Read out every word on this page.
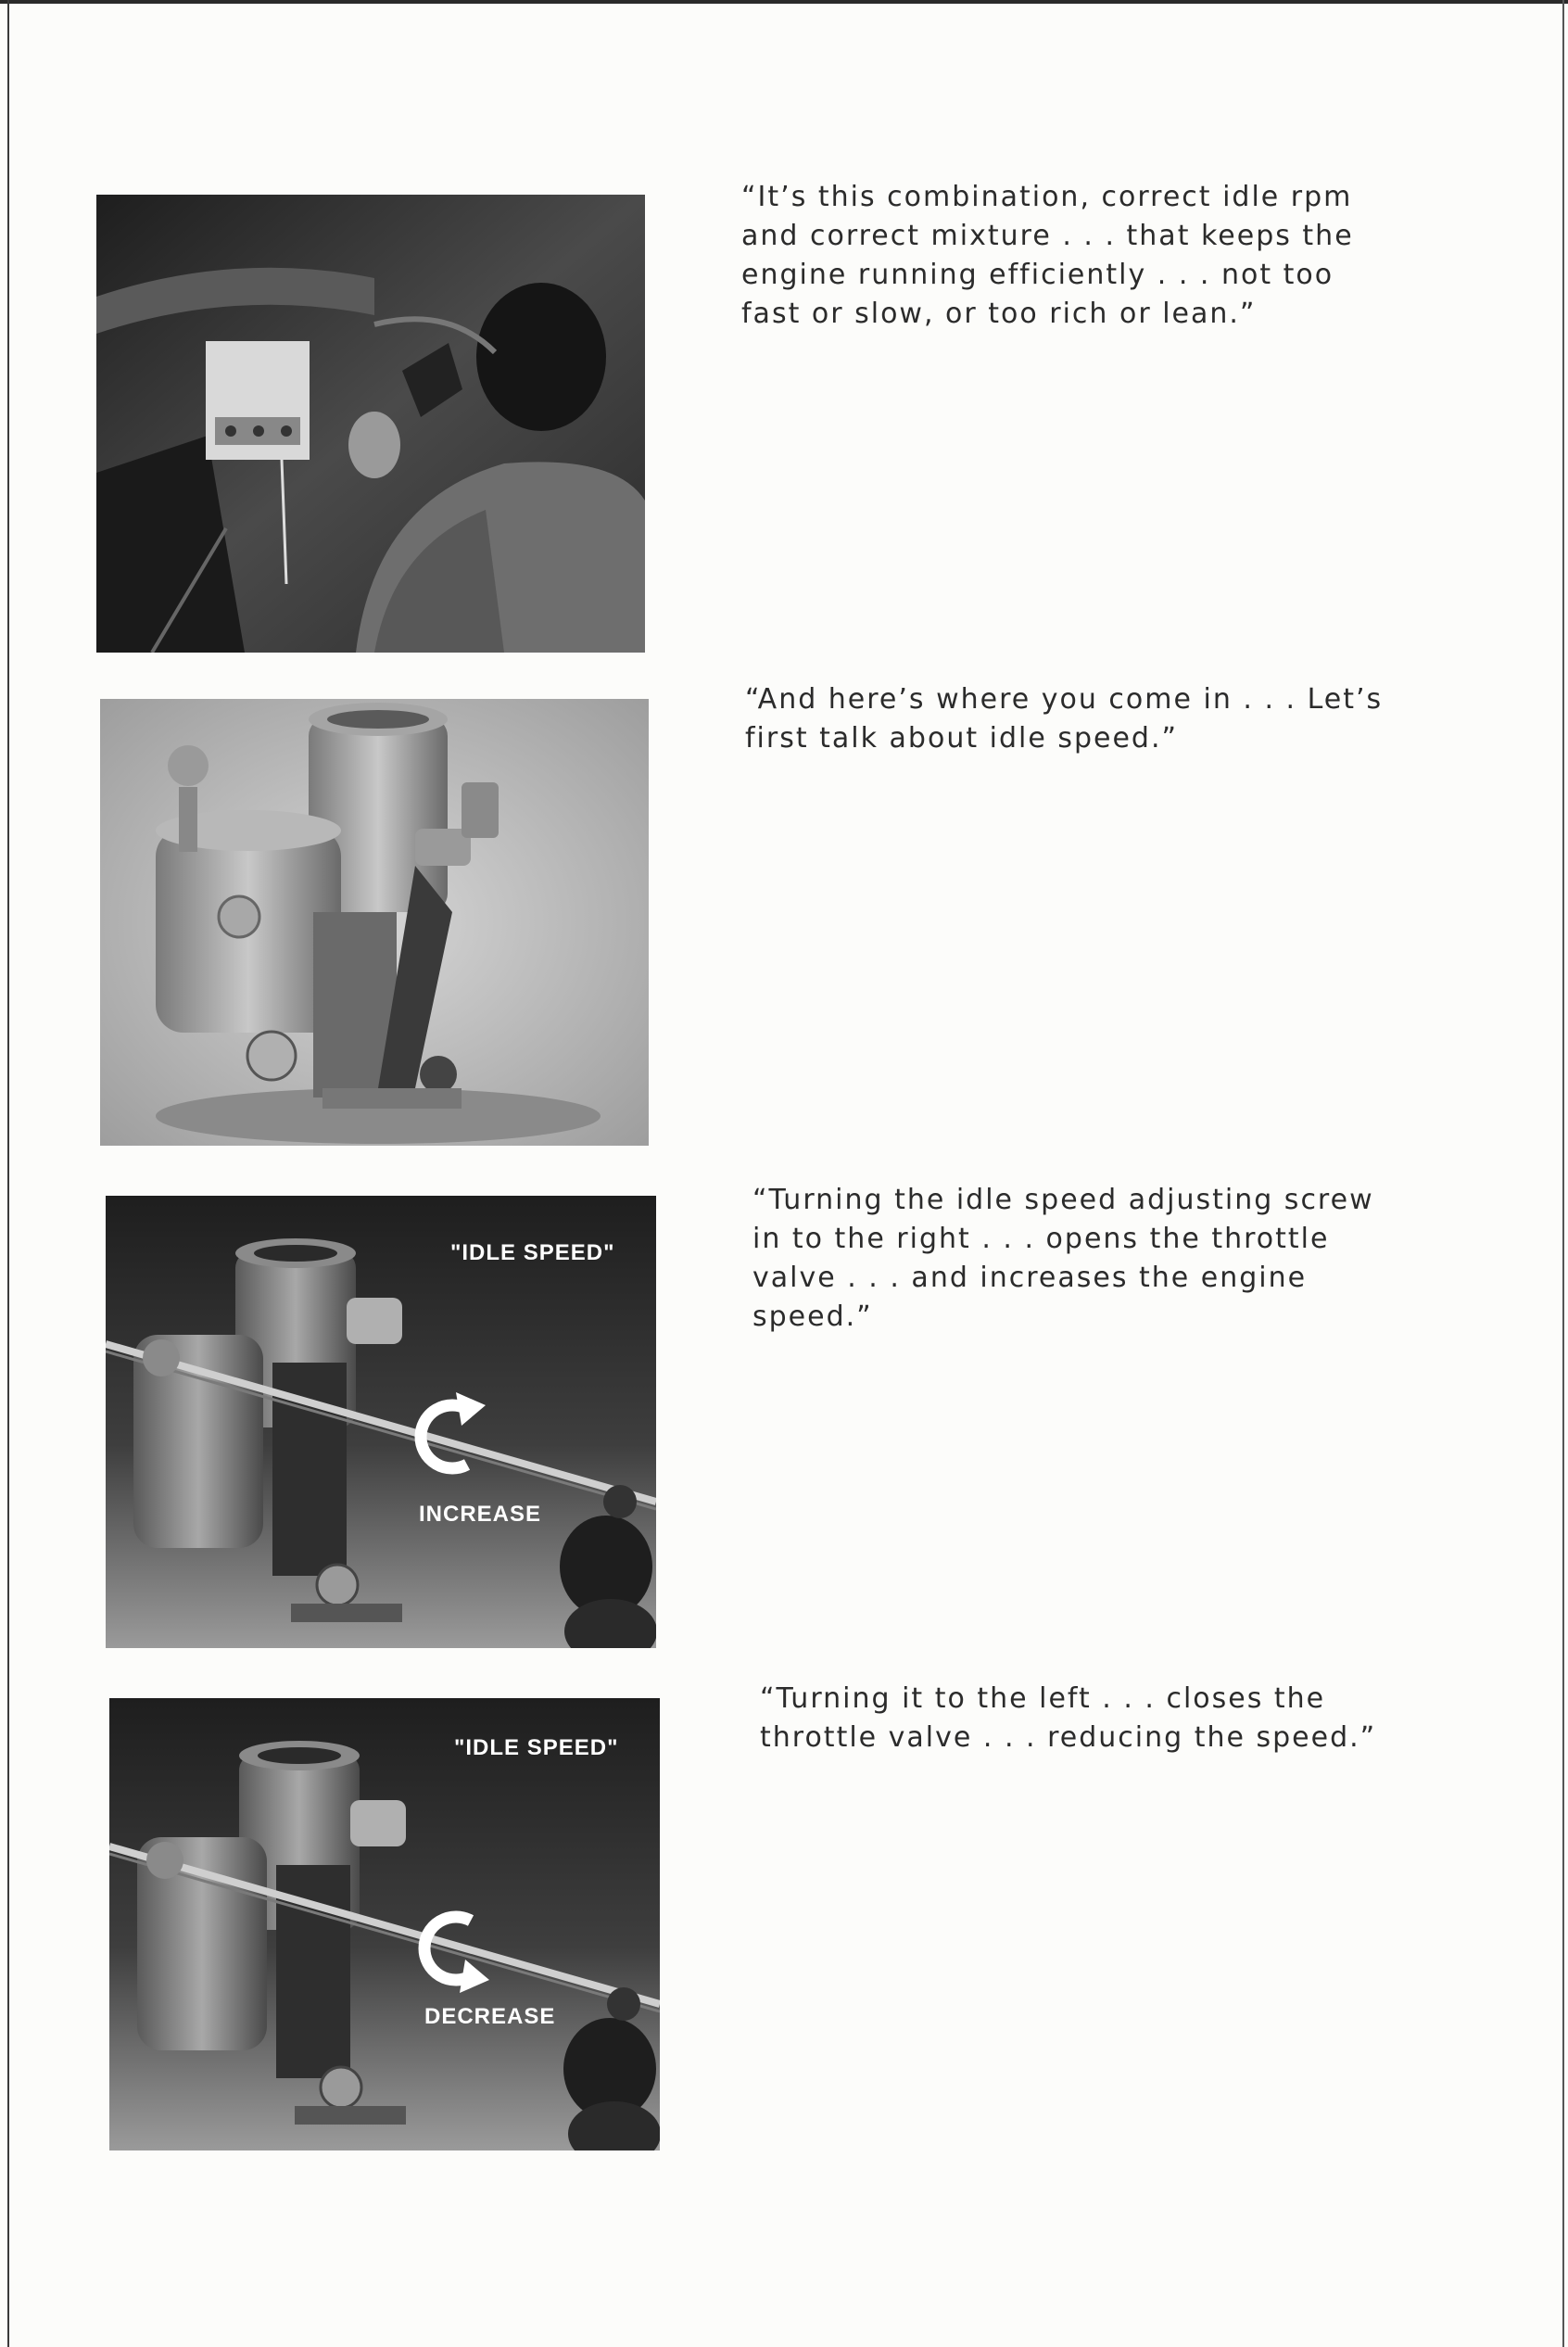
"IDLE SPEED"
INCREASE
"IDLE SPEED"
DECREASE

“It’s this combination, correct idle rpm and correct mixture . . . that keeps the engine running efficiently . . . not too fast or slow, or too rich or lean.”

“And here’s where you come in . . . Let’s first talk about idle speed.”

“Turning the idle speed adjusting screw in to the right . . . opens the throttle valve . . . and increases the engine speed.”

“Turning it to the left . . . closes the throttle valve . . . reducing the speed.”
